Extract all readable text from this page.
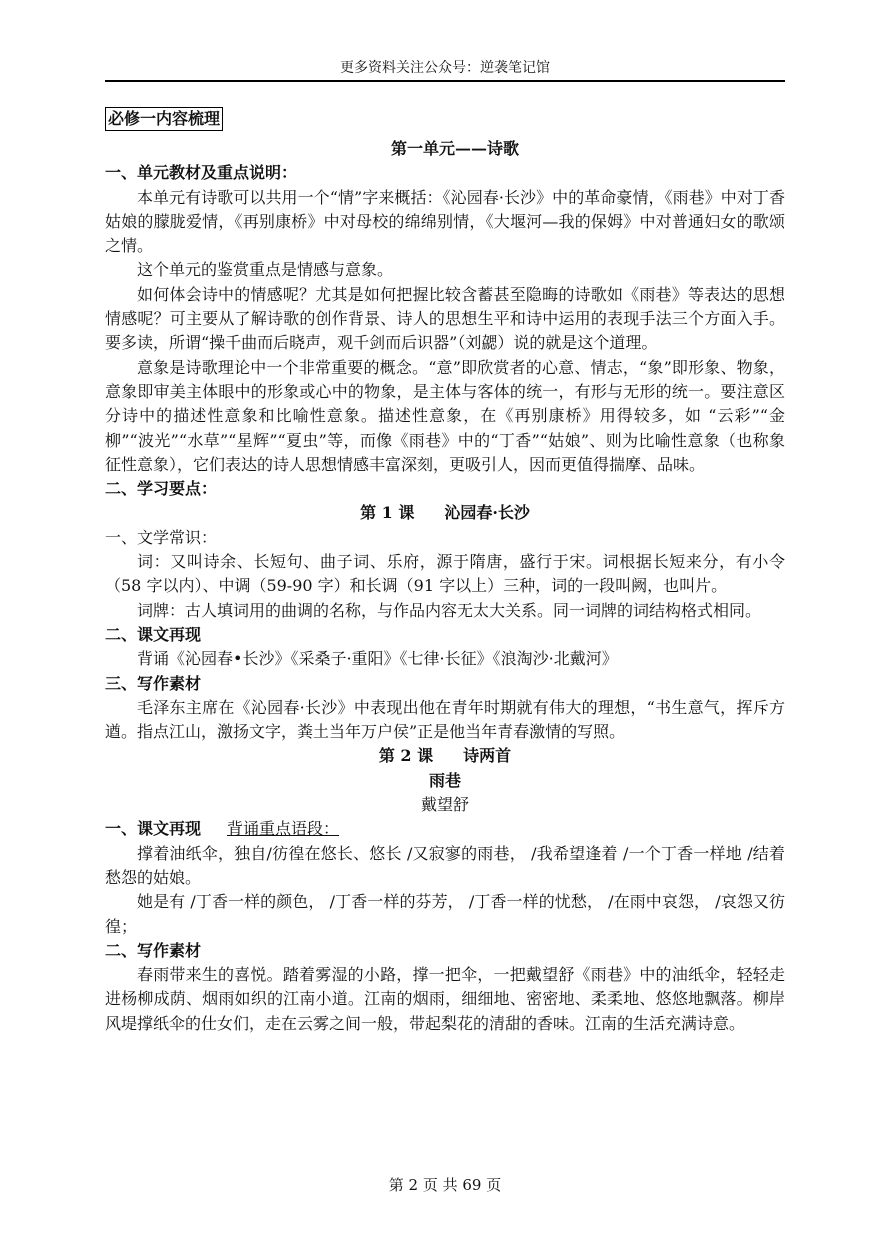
更多资料关注公众号：逆袭笔记馆
必修一内容梳理

第一单元——诗歌

一、单元教材及重点说明：

本单元有诗歌可以共用一个“情”字来概括：《沁园春·长沙》中的革命豪情，《雨巷》中对丁香姑娘的朦胧爱情，《再别康桥》中对母校的绵绵别情，《大堰河—我的保姆》中对普通妇女的歌颂之情。

这个单元的鉴赏重点是情感与意象。

如何体会诗中的情感呢？尤其是如何把握比较含蓄甚至隐晦的诗歌如《雨巷》等表达的思想情感呢？可主要从了解诗歌的创作背景、诗人的思想生平和诗中运用的表现手法三个方面入手。要多读，所谓“操千曲而后晓声，观千剑而后识器”（刘勰）说的就是这个道理。

意象是诗歌理论中一个非常重要的概念。“意”即欣赏者的心意、情志，“象”即形象、物象，意象即审美主体眼中的形象或心中的物象，是主体与客体的统一，有形与无形的统一。要注意区分诗中的描述性意象和比喻性意象。描述性意象，在《再别康桥》用得较多，如 “云彩”“金柳”“波光”“水草”“星辉”“夏虫”等，而像《雨巷》中的“丁香”“姑娘”、则为比喻性意象（也称象征性意象），它们表达的诗人思想情感丰富深刻，更吸引人，因而更值得揣摩、品味。

二、学习要点：

第 1 课 沁园春·长沙

一、文学常识：

词：又叫诗余、长短句、曲子词、乐府，源于隋唐，盛行于宋。词根据长短来分，有小令（58 字以内）、中调（59-90 字）和长调（91 字以上）三种，词的一段叫阙，也叫片。

词牌：古人填词用的曲调的名称，与作品内容无太大关系。同一词牌的词结构格式相同。

二、课文再现

背诵《沁园春•长沙》《采桑子·重阳》《七律·长征》《浪淘沙·北戴河》

三、写作素材

毛泽东主席在《沁园春·长沙》中表现出他在青年时期就有伟大的理想，“书生意气，挥斥方遒。指点江山，激扬文字，粪土当年万户侯”正是他当年青春激情的写照。

第 2 课 诗两首

雨巷

戴望舒

一、课文再现 背诵重点语段：

撑着油纸伞，独自/彷徨在悠长、悠长 /又寂寥的雨巷， /我希望逢着 /一个丁香一样地 /结着愁怨的姑娘。

她是有 /丁香一样的颜色， /丁香一样的芬芳， /丁香一样的忧愁， /在雨中哀怨， /哀怨又彷徨；

二、写作素材

春雨带来生的喜悦。踏着雾湿的小路，撑一把伞，一把戴望舒《雨巷》中的油纸伞，轻轻走进杨柳成荫、烟雨如织的江南小道。江南的烟雨，细细地、密密地、柔柔地、悠悠地飘落。柳岸风堤撑纸伞的仕女们，走在云雾之间一般，带起梨花的清甜的香味。江南的生活充满诗意。

第 2 页 共 69 页
